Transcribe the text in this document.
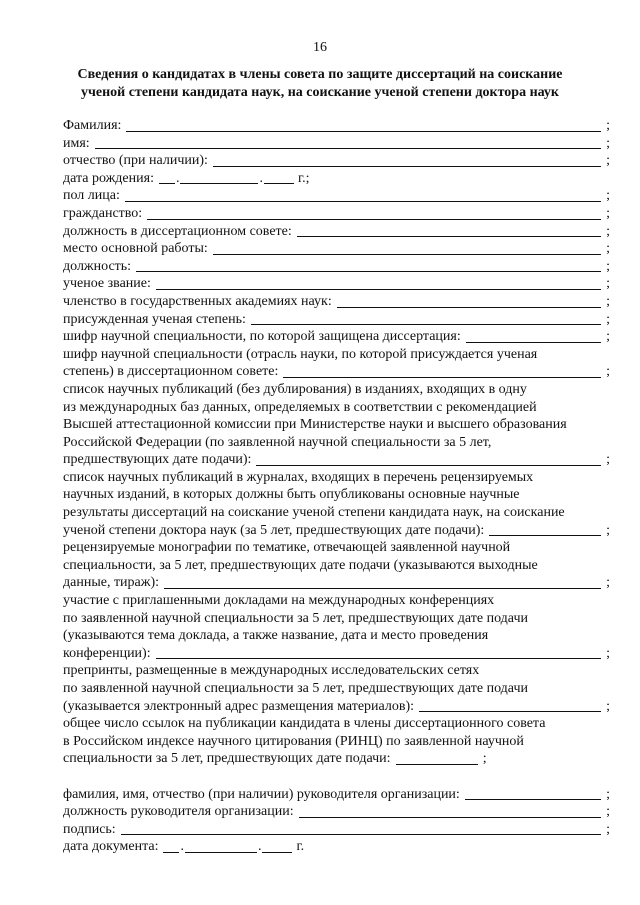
16
Сведения о кандидатах в члены совета по защите диссертаций на соискание
ученой степени кандидата наук, на соискание ученой степени доктора наук
Фамилия:	;
имя:	;
отчество (при наличии):	;
дата рождения: .	.	г.;
пол лица:	;
гражданство:	;
должность в диссертационном совете:	;
место основной работы:	;
должность:	;
ученое звание:	;
членство в государственных академиях наук:	;
присужденная ученая степень:	;
шифр научной специальности, по которой защищена диссертация:	;
шифр научной специальности (отрасль науки, по которой присуждается ученая
степень) в диссертационном совете:	;
список научных публикаций (без дублирования) в изданиях, входящих в одну
из международных баз данных, определяемых в соответствии с рекомендацией
Высшей аттестационной комиссии при Министерстве науки и высшего образования
Российской Федерации (по заявленной научной специальности за 5 лет,
предшествующих дате подачи):	;
список научных публикаций в журналах, входящих в перечень рецензируемых
научных изданий, в которых должны быть опубликованы основные научные
результаты диссертаций на соискание ученой степени кандидата наук, на соискание
ученой степени доктора наук (за 5 лет, предшествующих дате подачи):	;
рецензируемые монографии по тематике, отвечающей заявленной научной
специальности, за 5 лет, предшествующих дате подачи (указываются выходные
данные, тираж):	;
участие с приглашенными докладами на международных конференциях
по заявленной научной специальности за 5 лет, предшествующих дате подачи
(указываются тема доклада, а также название, дата и место проведения
конференции):	;
препринты, размещенные в международных исследовательских сетях
по заявленной научной специальности за 5 лет, предшествующих дате подачи
(указывается электронный адрес размещения материалов):	;
общее число ссылок на публикации кандидата в члены диссертационного совета
в Российском индексе научного цитирования (РИНЦ) по заявленной научной
специальности за 5 лет, предшествующих дате подачи:	;
фамилия, имя, отчество (при наличии) руководителя организации:	;
должность руководителя организации:	;
подпись:	;
дата документа: .	.	г.
